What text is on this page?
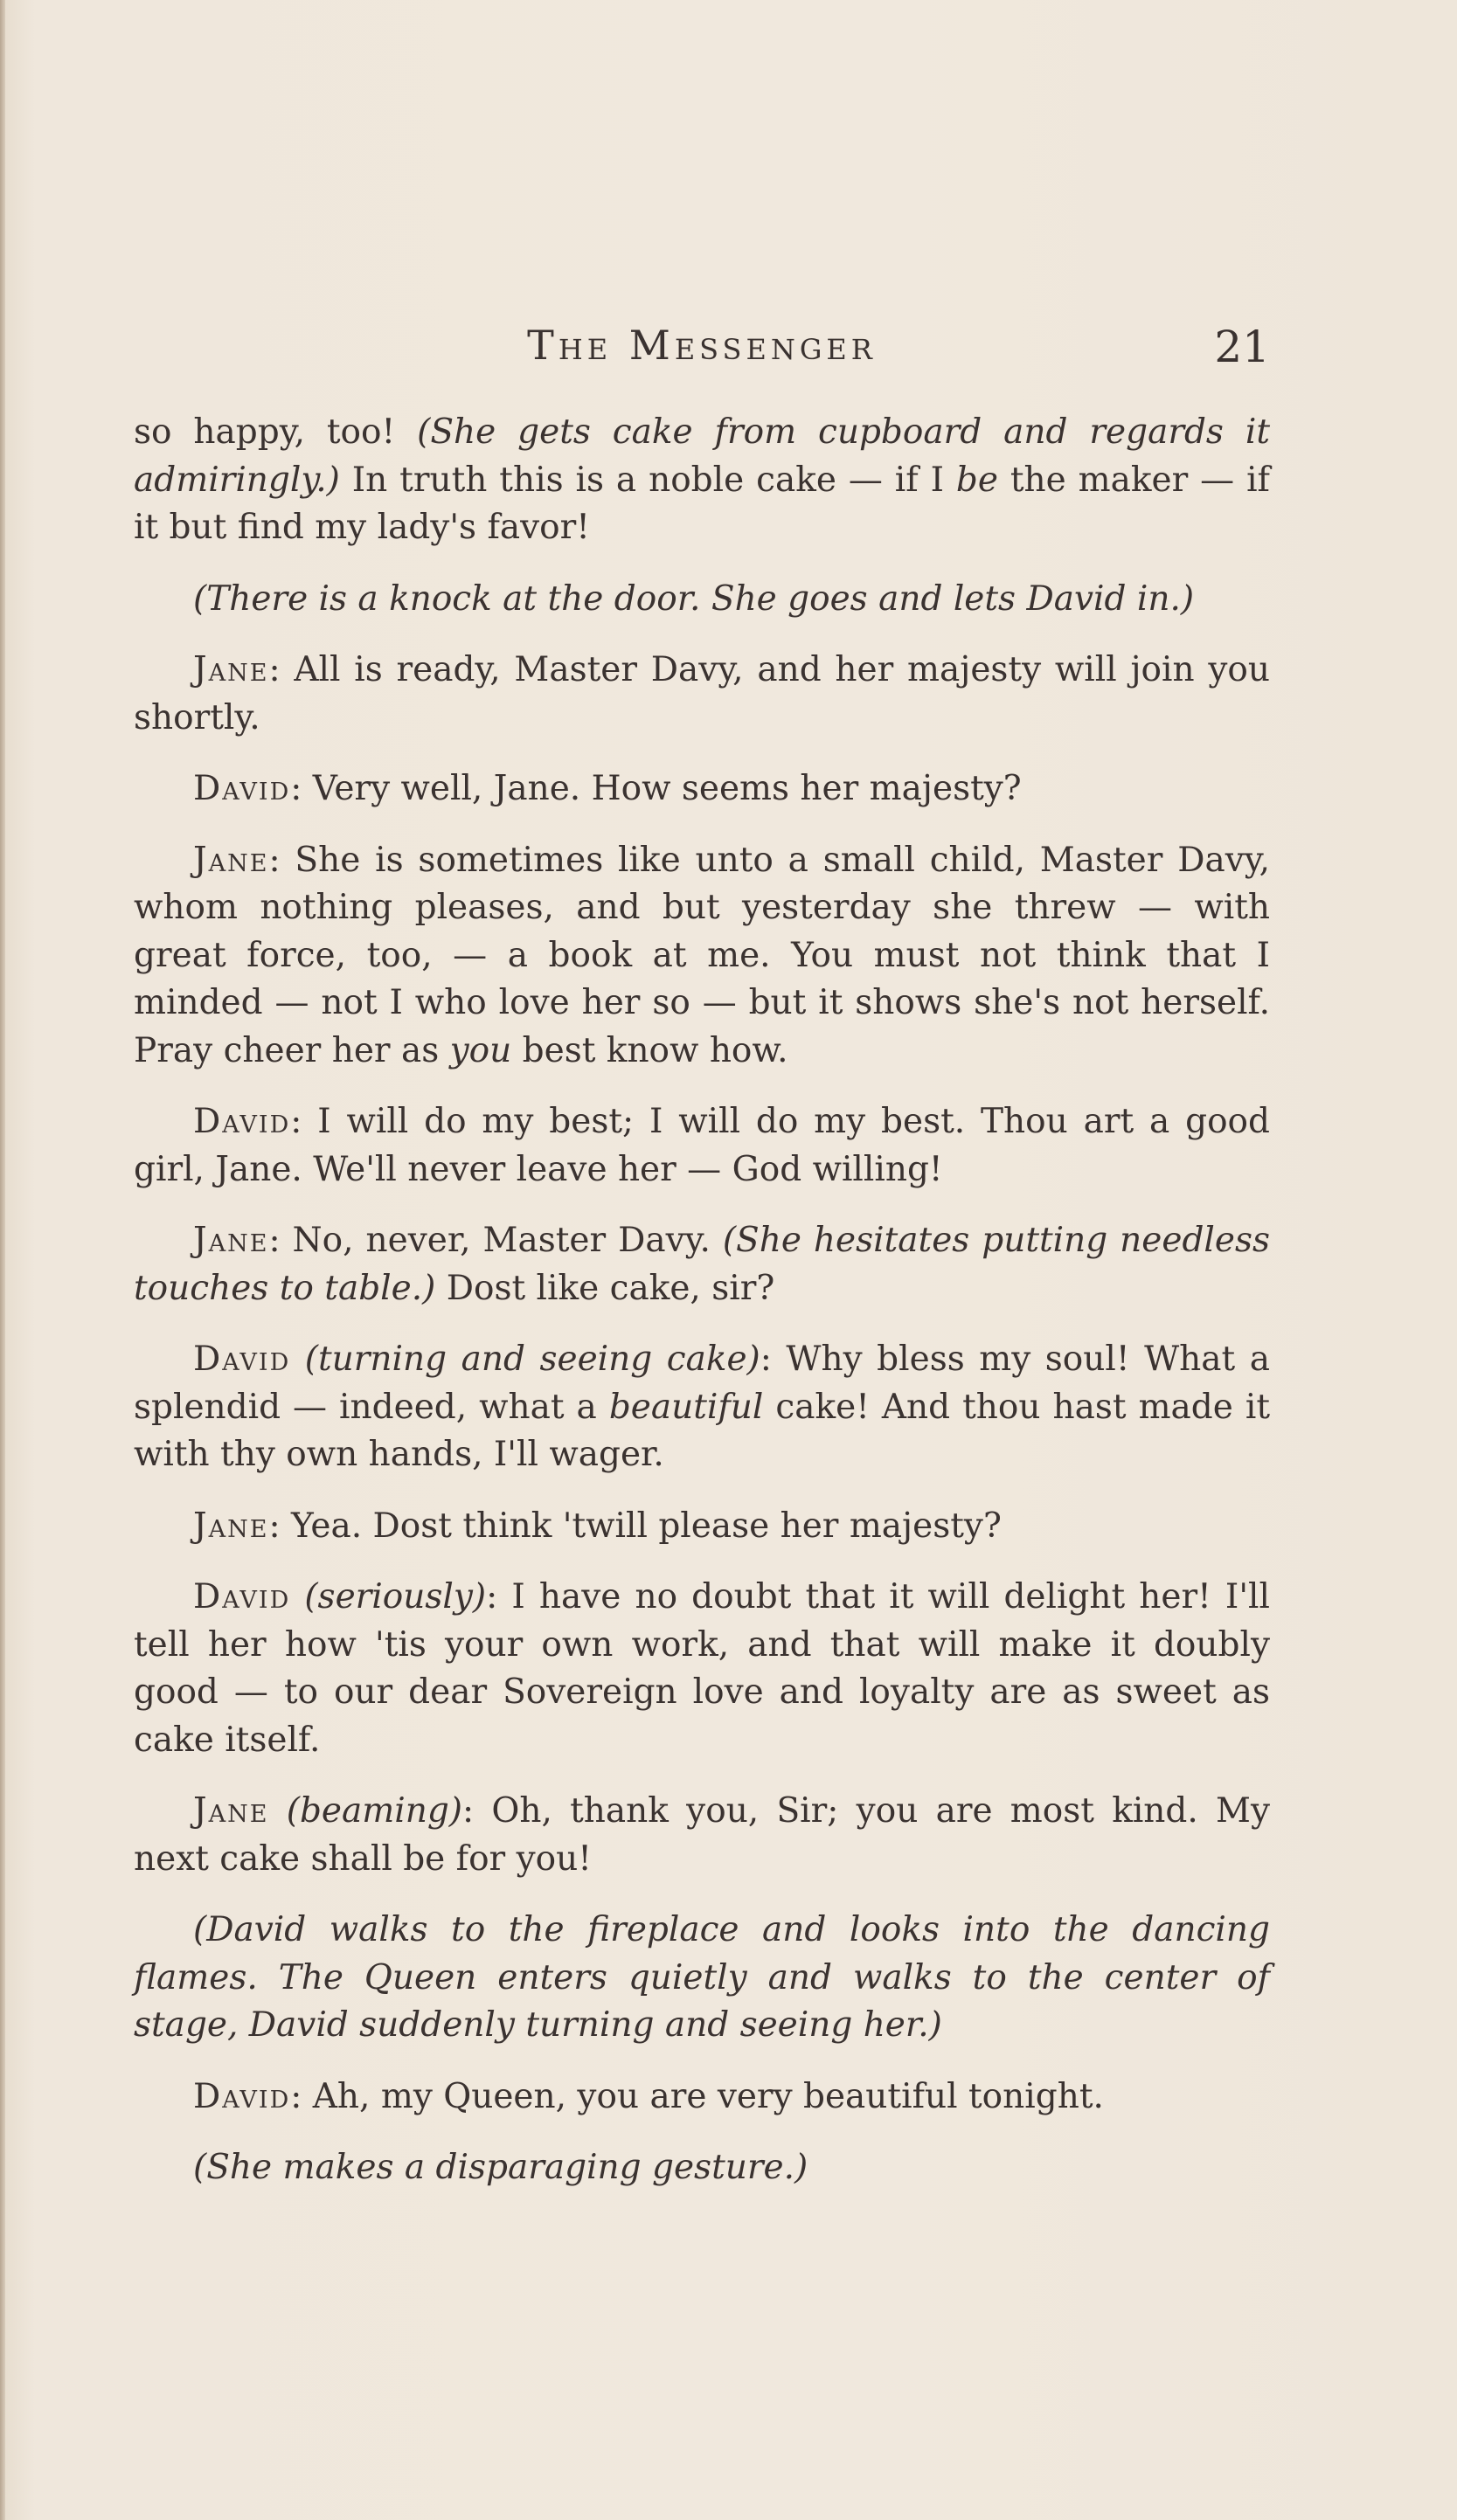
The Messenger	21

so happy, too! (She gets cake from cupboard and regards it admiringly.) In truth this is a noble cake — if I be the maker — if it but find my lady's favor!

(There is a knock at the door. She goes and lets David in.)

Jane: All is ready, Master Davy, and her majesty will join you shortly.

David: Very well, Jane. How seems her majesty?

Jane: She is sometimes like unto a small child, Master Davy, whom nothing pleases, and but yesterday she threw — with great force, too, — a book at me. You must not think that I minded — not I who love her so — but it shows she's not herself. Pray cheer her as you best know how.

David: I will do my best; I will do my best. Thou art a good girl, Jane. We'll never leave her — God willing!

Jane: No, never, Master Davy. (She hesitates putting needless touches to table.) Dost like cake, sir?

David (turning and seeing cake): Why bless my soul! What a splendid — indeed, what a beautiful cake! And thou hast made it with thy own hands, I'll wager.

Jane: Yea. Dost think 'twill please her majesty?

David (seriously): I have no doubt that it will delight her! I'll tell her how 'tis your own work, and that will make it doubly good — to our dear Sovereign love and loyalty are as sweet as cake itself.

Jane (beaming): Oh, thank you, Sir; you are most kind. My next cake shall be for you!

(David walks to the fireplace and looks into the dancing flames. The Queen enters quietly and walks to the center of stage, David suddenly turning and seeing her.)

David: Ah, my Queen, you are very beautiful tonight.

(She makes a disparaging gesture.)
